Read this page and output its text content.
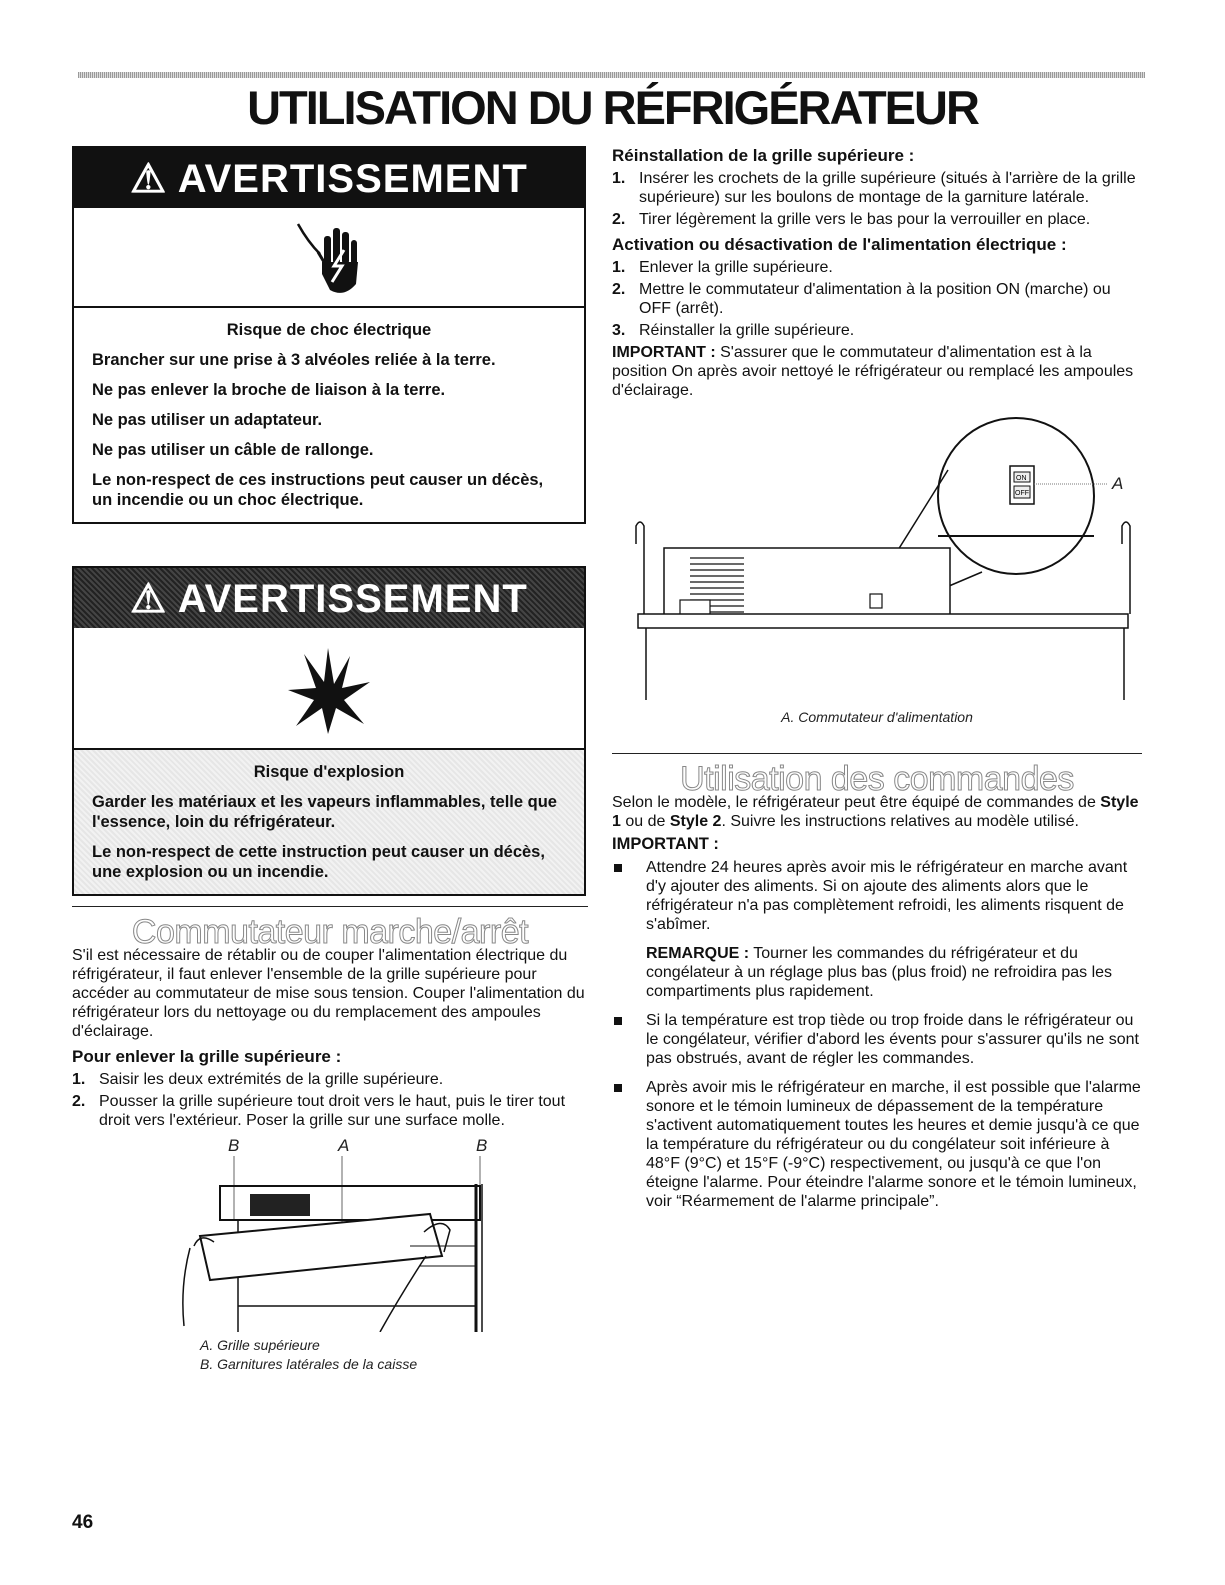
UTILISATION DU RÉFRIGÉRATEUR
⚠ AVERTISSEMENT
Risque de choc électrique

Brancher sur une prise à 3 alvéoles reliée à la terre.

Ne pas enlever la broche de liaison à la terre.

Ne pas utiliser un adaptateur.

Ne pas utiliser un câble de rallonge.

Le non-respect de ces instructions peut causer un décès, un incendie ou un choc électrique.

⚠ AVERTISSEMENT
Risque d'explosion

Garder les matériaux et les vapeurs inflammables, telle que l'essence, loin du réfrigérateur.

Le non-respect de cette instruction peut causer un décès, une explosion ou un incendie.

Commutateur marche/arrêt

S'il est nécessaire de rétablir ou de couper l'alimentation électrique du réfrigérateur, il faut enlever l'ensemble de la grille supérieure pour accéder au commutateur de mise sous tension. Couper l'alimentation du réfrigérateur lors du nettoyage ou du remplacement des ampoules d'éclairage.

Pour enlever la grille supérieure :
1. Saisir les deux extrémités de la grille supérieure.
2. Pousser la grille supérieure tout droit vers le haut, puis le tirer tout droit vers l'extérieur. Poser la grille sur une surface molle.
B	A	B
A. Grille supérieure
B. Garnitures latérales de la caisse
Réinstallation de la grille supérieure :
1. Insérer les crochets de la grille supérieure (situés à l'arrière de la grille supérieure) sur les boulons de montage de la garniture latérale.
2. Tirer légèrement la grille vers le bas pour la verrouiller en place.
Activation ou désactivation de l'alimentation électrique :
1. Enlever la grille supérieure.
2. Mettre le commutateur d'alimentation à la position ON (marche) ou OFF (arrêt).
3. Réinstaller la grille supérieure.

IMPORTANT : S'assurer que le commutateur d'alimentation est à la position On après avoir nettoyé le réfrigérateur ou remplacé les ampoules d'éclairage.

ON
OFF
A
A. Commutateur d'alimentation
Utilisation des commandes

Selon le modèle, le réfrigérateur peut être équipé de commandes de Style 1 ou de Style 2. Suivre les instructions relatives au modèle utilisé.

IMPORTANT :
Attendre 24 heures après avoir mis le réfrigérateur en marche avant d'y ajouter des aliments. Si on ajoute des aliments alors que le réfrigérateur n'a pas complètement refroidi, les aliments risquent de s'abîmer.

REMARQUE : Tourner les commandes du réfrigérateur et du congélateur à un réglage plus bas (plus froid) ne refroidira pas les compartiments plus rapidement.

Si la température est trop tiède ou trop froide dans le réfrigérateur ou le congélateur, vérifier d'abord les évents pour s'assurer qu'ils ne sont pas obstrués, avant de régler les commandes.
Après avoir mis le réfrigérateur en marche, il est possible que l'alarme sonore et le témoin lumineux de dépassement de la température s'activent automatiquement toutes les heures et demie jusqu'à ce que la température du réfrigérateur ou du congélateur soit inférieure à 48°F (9°C) et 15°F (-9°C) respectivement, ou jusqu'à ce que l'on éteigne l'alarme. Pour éteindre l'alarme sonore et le témoin lumineux, voir “Réarmement de l'alarme principale”.
46
